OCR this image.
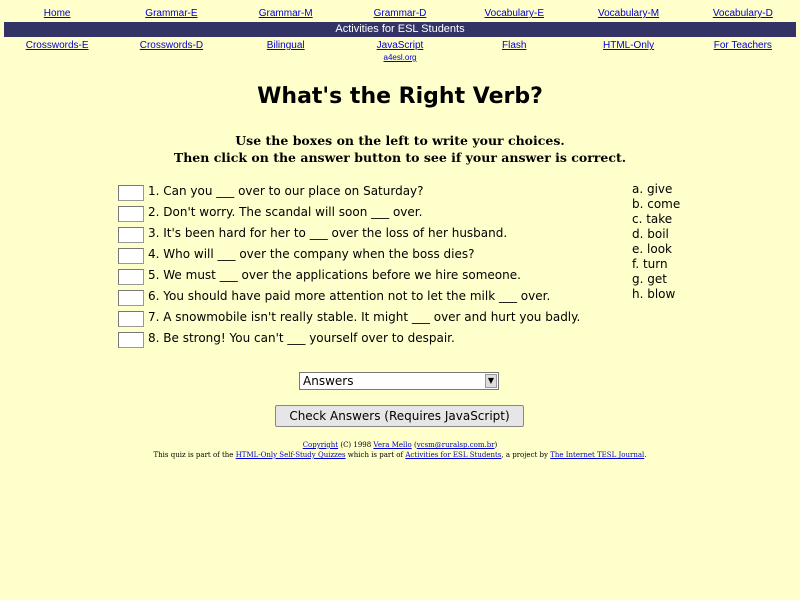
Home	Grammar-E	Grammar-M	Grammar-D	Vocabulary-E	Vocabulary-M	Vocabulary-D
Activities for ESL Students
Crosswords-E	Crosswords-D	Bilingual	JavaScript	Flash	HTML-Only	For Teachers
a4esl.org
What's the Right Verb?
Use the boxes on the left to write your choices.
Then click on the answer button to see if your answer is correct.
1. Can you ___ over to our place on Saturday?
2. Don't worry. The scandal will soon ___ over.
3. It's been hard for her to ___ over the loss of her husband.
4. Who will ___ over the company when the boss dies?
5. We must ___ over the applications before we hire someone.
6. You should have paid more attention not to let the milk ___ over.
7. A snowmobile isn't really stable. It might ___ over and hurt you badly.
8. Be strong! You can't ___ yourself over to despair.
a. give
b. come
c. take
d. boil
e. look
f. turn
g. get
h. blow
Answers	▼
Check Answers (Requires JavaScript)
Copyright (C) 1998 Vera Mello (vcsm@ruralsp.com.br)
This quiz is part of the HTML-Only Self-Study Quizzes which is part of Activities for ESL Students, a project by The Internet TESL Journal.
